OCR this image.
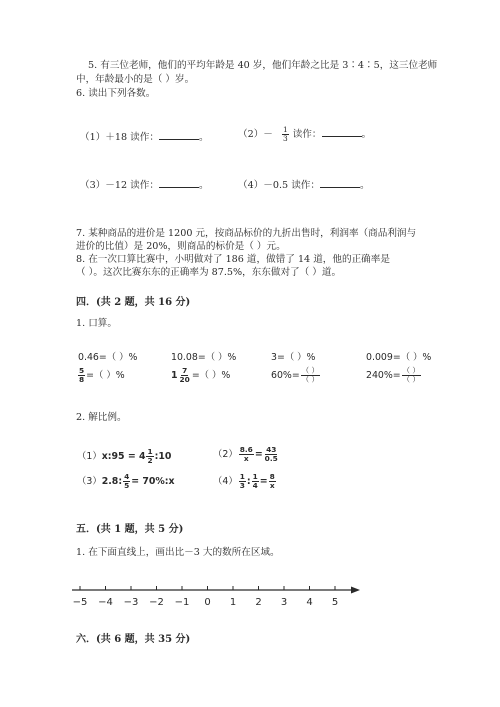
5. 有三位老师，他们的平均年龄是 40 岁，他们年龄之比是 3∶4∶5，这三位老师
中，年龄最小的是（ ）岁。
6. 读出下列各数。
（1）＋18 读作：	。	$(2)- \frac{1}{3}$ 读作：	。
（3）－12 读作：	。	（4）－0.5 读作：	。
7. 某种商品的进价是 1200 元，按商品标价的九折出售时，利润率（商品利润与
进价的比值）是 20%，则商品的标价是（ ）元。
8. 在一次口算比赛中，小明做对了 186 道，做错了 14 道，他的正确率是
（ ）。这次比赛东东的正确率为 87.5%，东东做对了（ ）道。
四．(共 2 题，共 16 分)
1. 口算。
0.46=（ ）%	10.08=（ ）%	3=（ ）%	0.009=（ ）%
$\frac{5}{8}$ =（ ）%	$1 \frac{7}{20}$ =（ ）%	$60\%= \frac{( )}{( )}$	$240\%= \frac{( )}{( )}$
2. 解比例。
（1）x:95 = $4 \frac{1}{2}$ :10	$(2) \frac{8.6}{x} = \frac{43}{0.5}$
（3）2.8: $\frac{4}{5}$ = 70%:x	$(4) \frac{1}{3}$ : $\frac{1}{4} = \frac{8}{x}$
五．(共 1 题，共 5 分)
1. 在下面直线上，画出比－3 大的数所在区域。
−5 −4 −3 −2 −1 0 1 2 3 4 5
六．(共 6 题，共 35 分)
